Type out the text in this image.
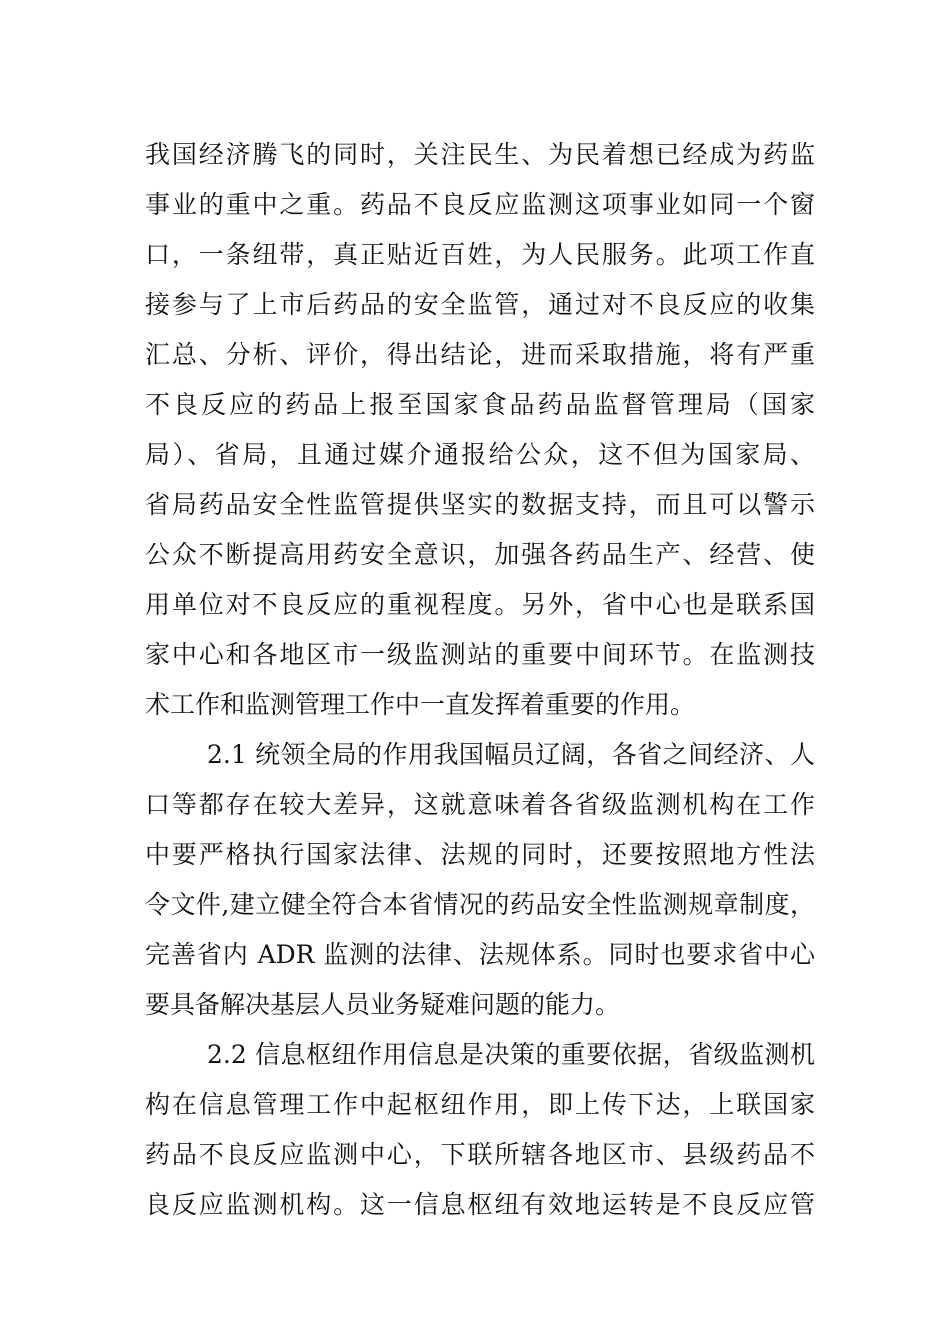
我国经济腾飞的同时，关注民生、为民着想已经成为药监
事业的重中之重。药品不良反应监测这项事业如同一个窗
口，一条纽带，真正贴近百姓，为人民服务。此项工作直
接参与了上市后药品的安全监管，通过对不良反应的收集
汇总、分析、评价，得出结论，进而采取措施，将有严重
不良反应的药品上报至国家食品药品监督管理局（国家
局）、省局，且通过媒介通报给公众，这不但为国家局、
省局药品安全性监管提供坚实的数据支持，而且可以警示
公众不断提高用药安全意识，加强各药品生产、经营、使
用单位对不良反应的重视程度。另外，省中心也是联系国
家中心和各地区市一级监测站的重要中间环节。在监测技
术工作和监测管理工作中一直发挥着重要的作用。
2.1 统领全局的作用我国幅员辽阔，各省之间经济、人
口等都存在较大差异，这就意味着各省级监测机构在工作
中要严格执行国家法律、法规的同时，还要按照地方性法
令文件,建立健全符合本省情况的药品安全性监测规章制度，
完善省内 ADR 监测的法律、法规体系。同时也要求省中心
要具备解决基层人员业务疑难问题的能力。
2.2 信息枢纽作用信息是决策的重要依据，省级监测机
构在信息管理工作中起枢纽作用，即上传下达，上联国家
药品不良反应监测中心，下联所辖各地区市、县级药品不
良反应监测机构。这一信息枢纽有效地运转是不良反应管
